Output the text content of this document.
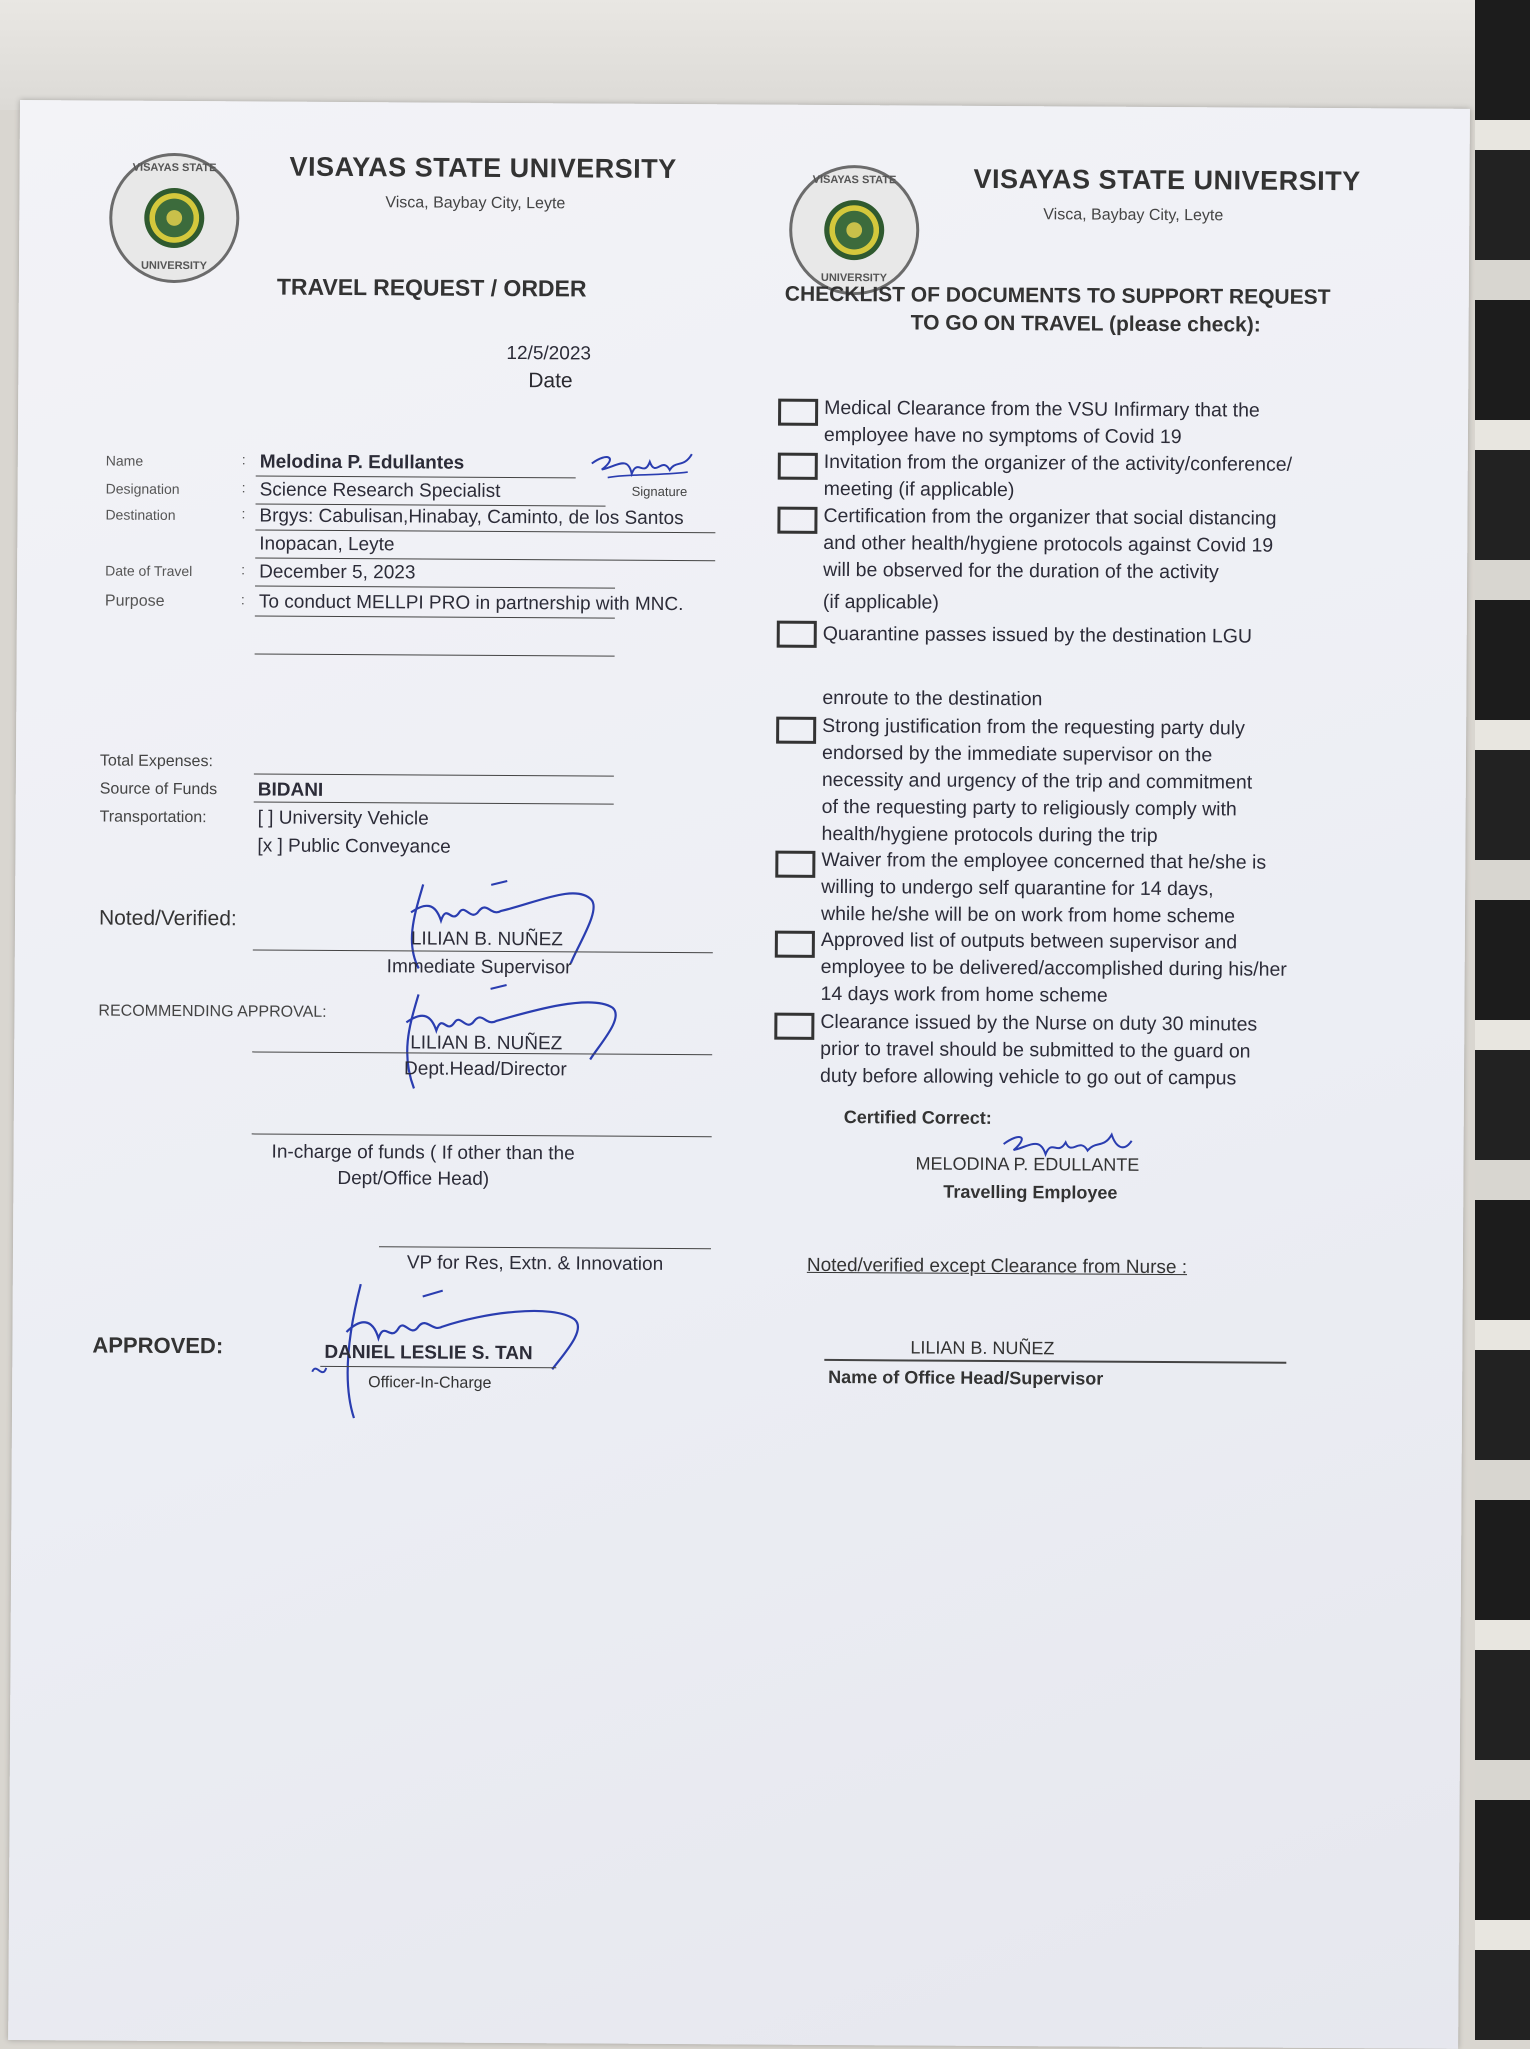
VISAYAS STATE
UNIVERSITY
VISAYAS STATE UNIVERSITY
Visca, Baybay City, Leyte
TRAVEL REQUEST / ORDER
12/5/2023
Date
Name	: Melodina P. Edullantes
Signature
Designation	: Science Research Specialist
Destination	: Brgys: Cabulisan,Hinabay, Caminto, de los Santos
Inopacan, Leyte
Date of Travel	: December 5, 2023
Purpose	: To conduct MELLPI PRO in partnership with MNC.
Total Expenses:
Source of Funds BIDANI
Transportation:	[ ] University Vehicle
[x ] Public Conveyance
Noted/Verified:
LILIAN B. NUÑEZ
Immediate Supervisor
RECOMMENDING APPROVAL:
LILIAN B. NUÑEZ
Dept.Head/Director
In-charge of funds ( If other than the
Dept/Office Head)
VP for Res, Extn. & Innovation
APPROVED:	DANIEL LESLIE S. TAN
Officer-In-Charge
VISAYAS STATE
UNIVERSITY
VISAYAS STATE UNIVERSITY
Visca, Baybay City, Leyte
CHECKLIST OF DOCUMENTS TO SUPPORT REQUEST
TO GO ON TRAVEL (please check):
Medical Clearance from the VSU Infirmary that the
employee have no symptoms of Covid 19
Invitation from the organizer of the activity/conference/
meeting (if applicable)
Certification from the organizer that social distancing
and other health/hygiene protocols against Covid 19
will be observed for the duration of the activity
(if applicable)
Quarantine passes issued by the destination LGU
enroute to the destination
Strong justification from the requesting party duly
endorsed by the immediate supervisor on the
necessity and urgency of the trip and commitment
of the requesting party to religiously comply with
health/hygiene protocols during the trip
Waiver from the employee concerned that he/she is
willing to undergo self quarantine for 14 days,
while he/she will be on work from home scheme
Approved list of outputs between supervisor and
employee to be delivered/accomplished during his/her
14 days work from home scheme
Clearance issued by the Nurse on duty 30 minutes
prior to travel should be submitted to the guard on
duty before allowing vehicle to go out of campus
Certified Correct:
MELODINA P. EDULLANTE
Travelling Employee
Noted/verified except Clearance from Nurse :
LILIAN B. NUÑEZ
Name of Office Head/Supervisor
